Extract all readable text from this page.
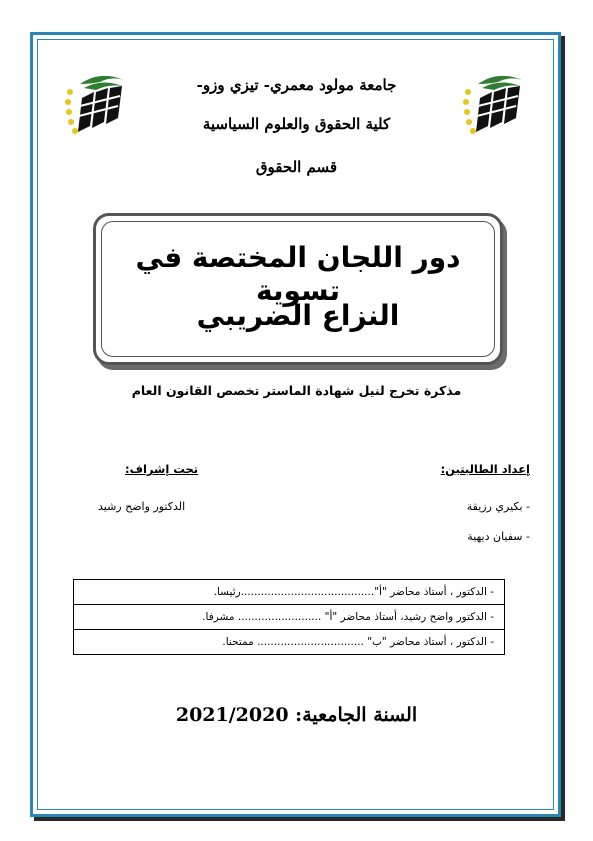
جامعة مولود معمري- تيزي وزو-
كلية الحقوق والعلوم السياسية
قسم الحقوق
دور اللجان المختصة في تسوية
النزاع الضريبي
مذكرة تخرج لنيل شهادة الماستر تخصص القانون العام
إعداد الطالبتين:
تحت إشراف:
- بكيري رزيقة
- سفيان ديهية
الدكتور واضح رشيد
- الدكتور ، أستاذ محاضر "أ"........................................رئيسا.
- الدكتور واضح رشيد، أستاذ محاضر "أ" ......................... مشرفا.
- الدكتور ، أستاذ محاضر "ب" ................................ ممتحنا.
السنة الجامعية: 2021/2020
